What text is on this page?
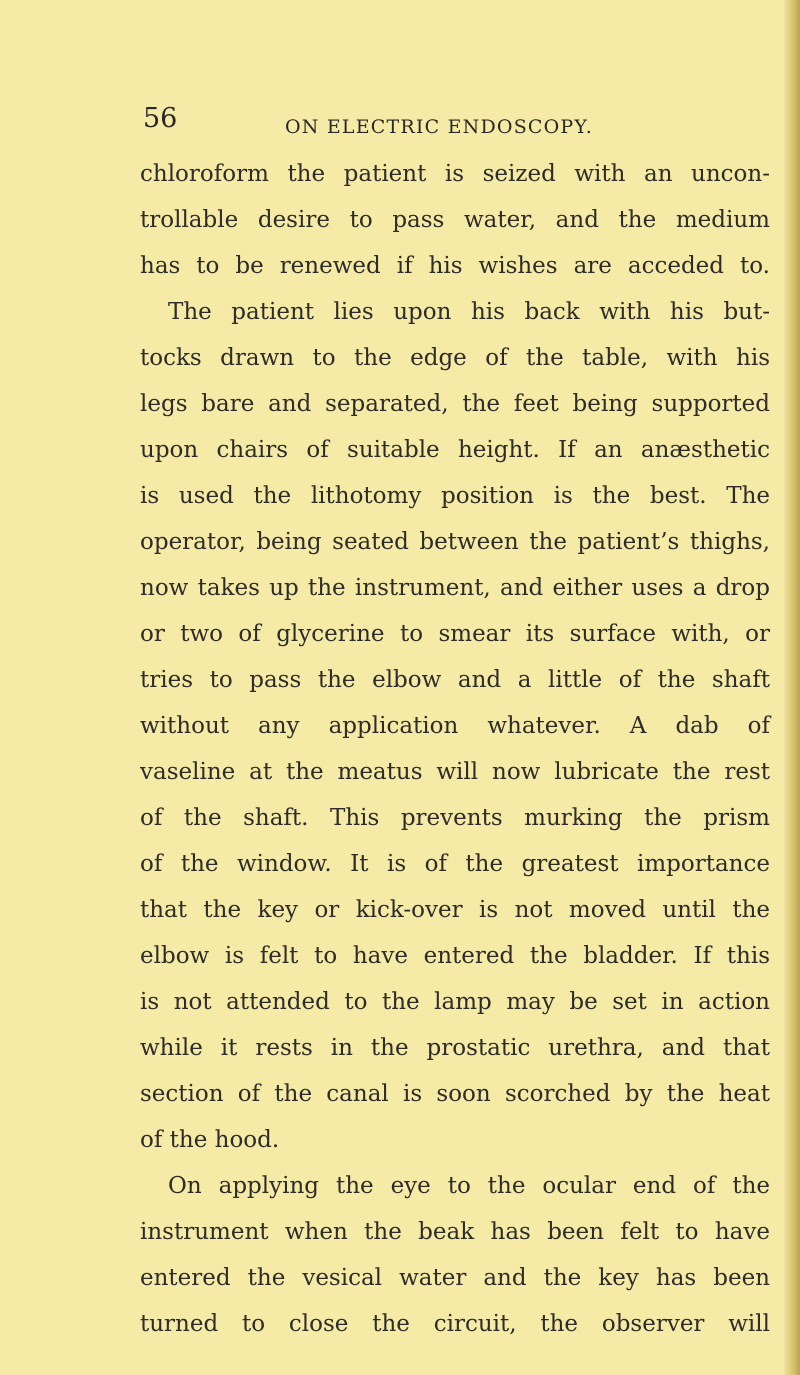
56	ON ELECTRIC ENDOSCOPY.
chloroform the patient is seized with an uncon-
trollable desire to pass water, and the medium
has to be renewed if his wishes are acceded to.
The patient lies upon his back with his but-
tocks drawn to the edge of the table, with his
legs bare and separated, the feet being supported
upon chairs of suitable height. If an anæsthetic
is used the lithotomy position is the best. The
operator, being seated between the patient’s thighs,
now takes up the instrument, and either uses a drop
or two of glycerine to smear its surface with, or
tries to pass the elbow and a little of the shaft
without any application whatever. A dab of
vaseline at the meatus will now lubricate the rest
of the shaft. This prevents murking the prism
of the window. It is of the greatest importance
that the key or kick-over is not moved until the
elbow is felt to have entered the bladder. If this
is not attended to the lamp may be set in action
while it rests in the prostatic urethra, and that
section of the canal is soon scorched by the heat
of the hood.
On applying the eye to the ocular end of the
instrument when the beak has been felt to have
entered the vesical water and the key has been
turned to close the circuit, the observer will
